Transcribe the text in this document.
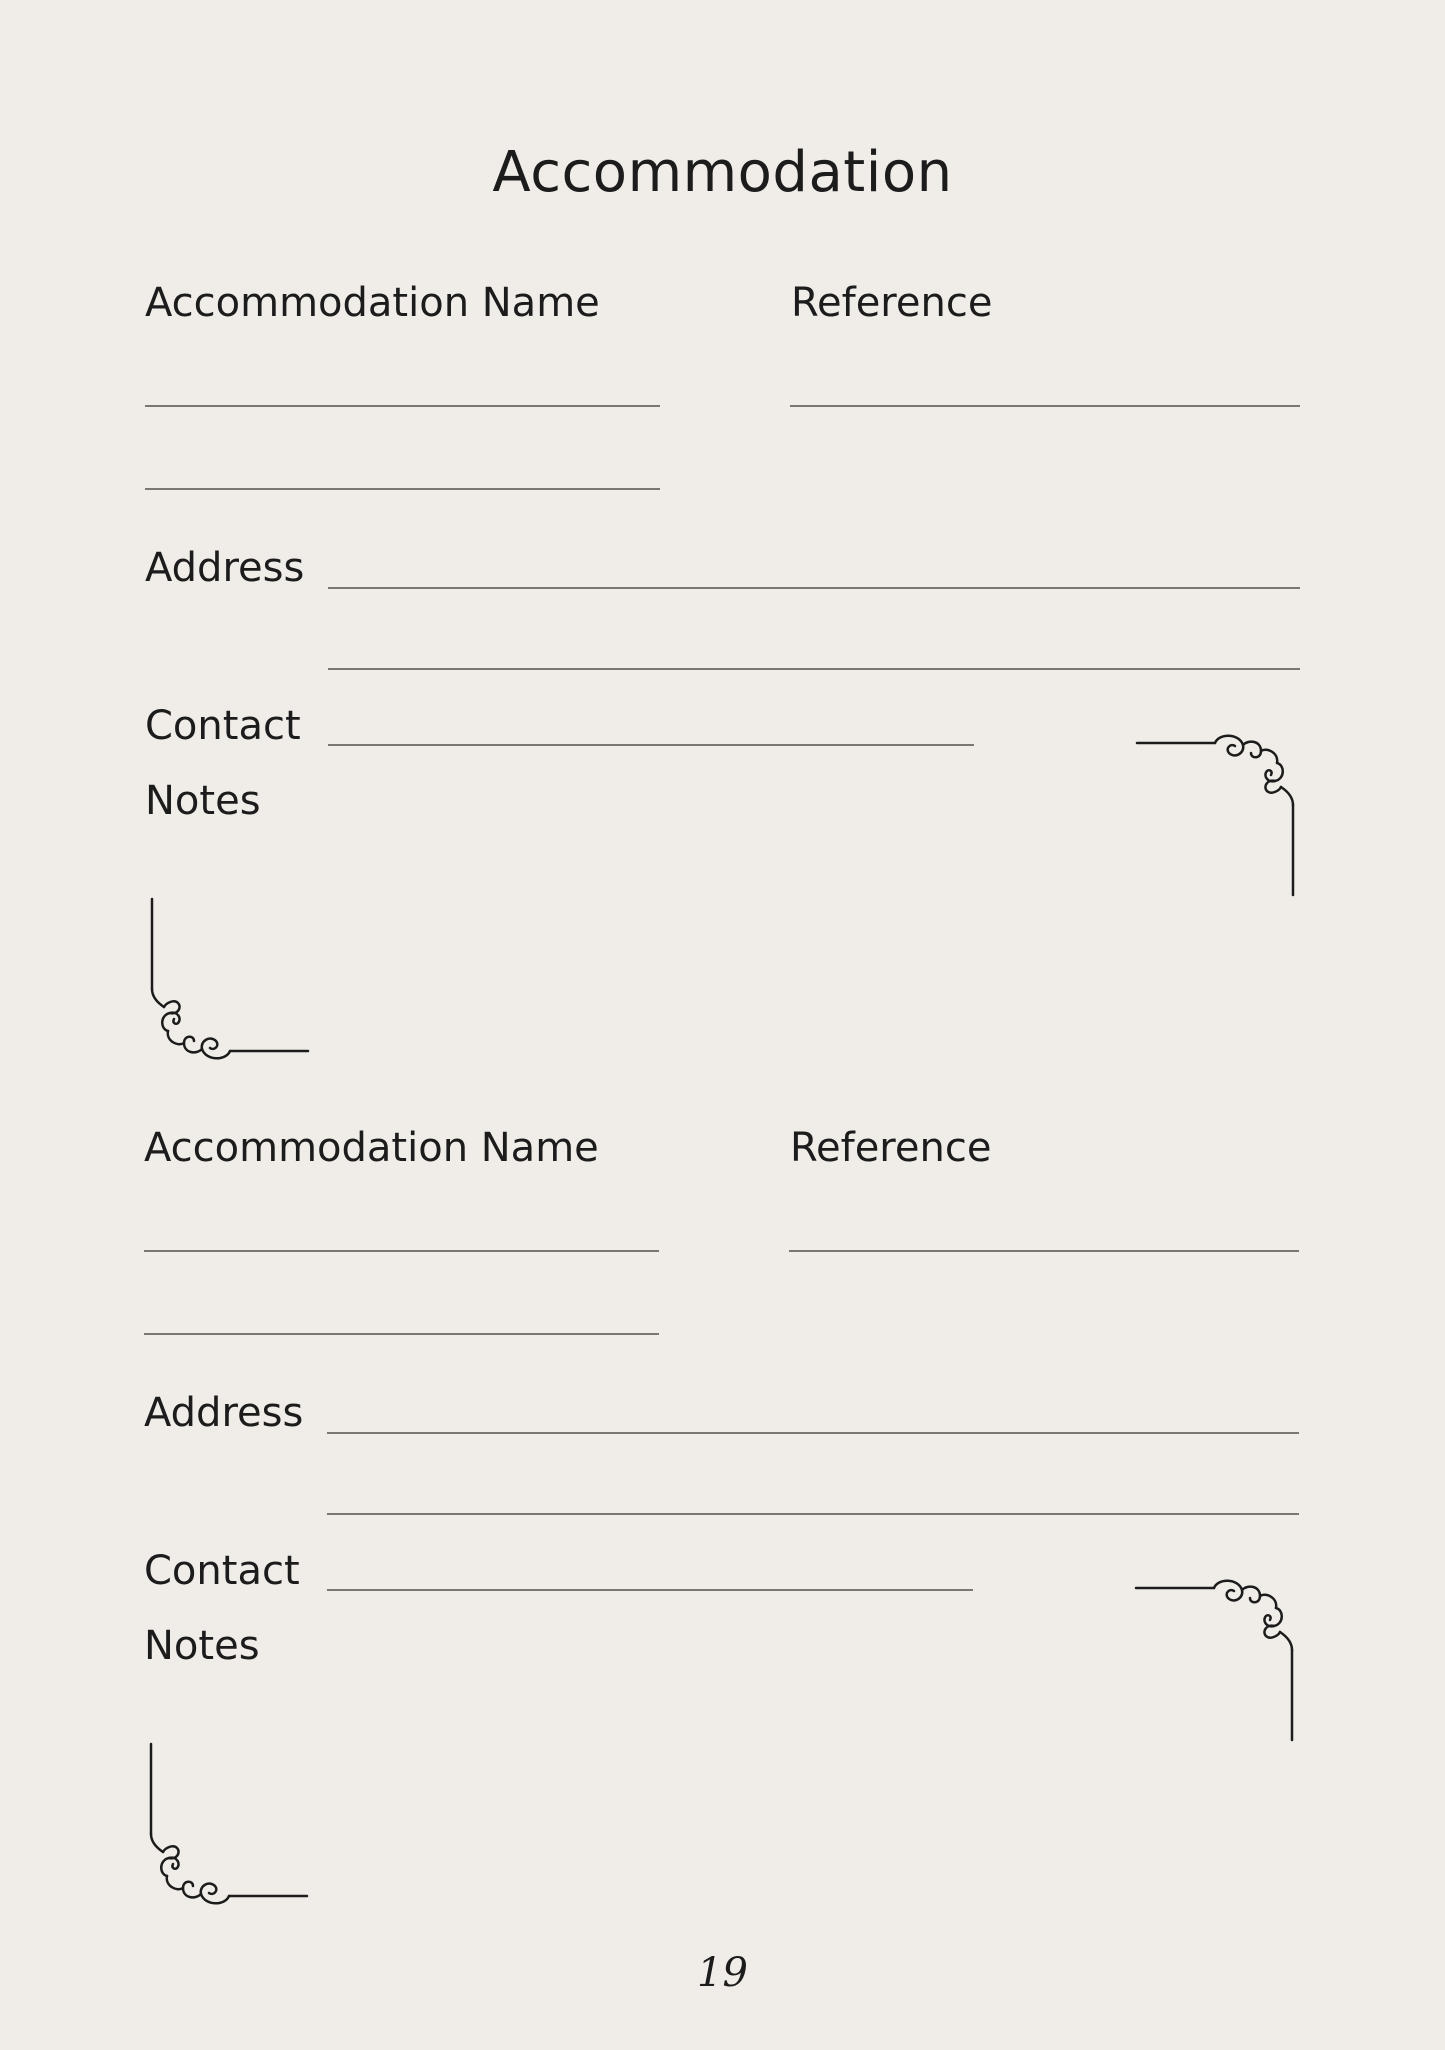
Accommodation
Accommodation Name	Reference
Address
Contact
Notes
Accommodation Name	Reference
Address
Contact
Notes
19
